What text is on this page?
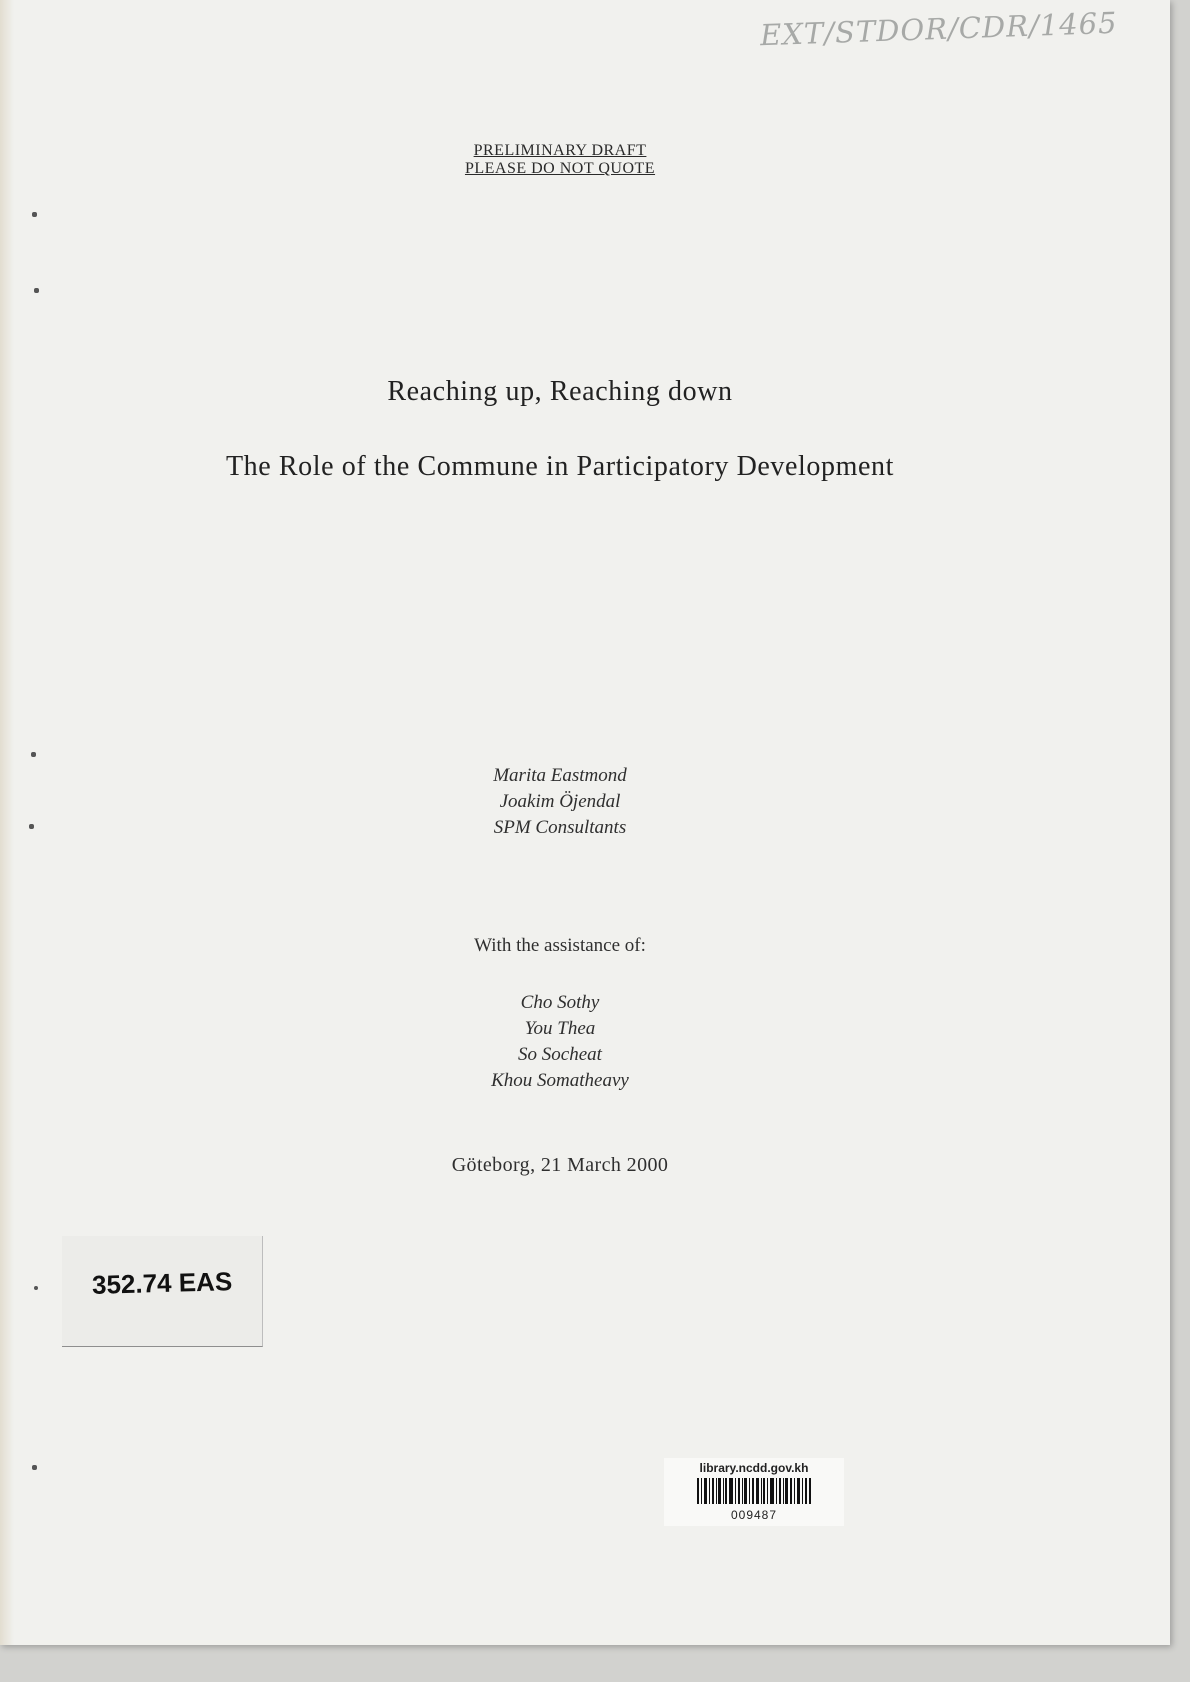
EXT/STDOR/CDR/1465
PRELIMINARY DRAFT
PLEASE DO NOT QUOTE
Reaching up, Reaching down
The Role of the Commune in Participatory Development
Marita Eastmond
Joakim Öjendal
SPM Consultants
With the assistance of:
Cho Sothy
You Thea
So Socheat
Khou Somatheavy
Göteborg, 21 March 2000
352.74 EAS
library.ncdd.gov.kh
009487
